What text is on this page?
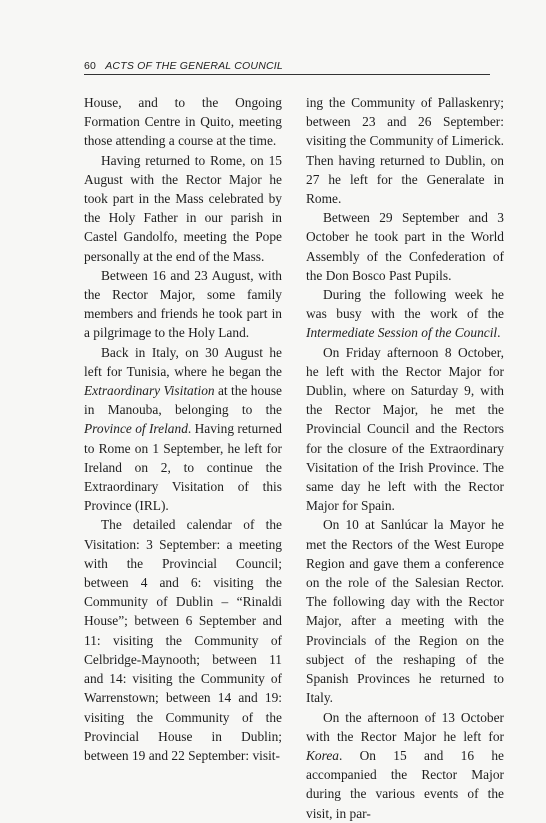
60 ACTS OF THE GENERAL COUNCIL

House, and to the Ongoing Formation Centre in Quito, meeting those attending a course at the time.

Having returned to Rome, on 15 August with the Rector Major he took part in the Mass celebrated by the Holy Father in our parish in Castel Gandolfo, meeting the Pope personally at the end of the Mass.

Between 16 and 23 August, with the Rector Major, some family members and friends he took part in a pilgrimage to the Holy Land.

Back in Italy, on 30 August he left for Tunisia, where he began the Extraordinary Visitation at the house in Manouba, belonging to the Province of Ireland. Having returned to Rome on 1 September, he left for Ireland on 2, to continue the Extraordinary Visitation of this Province (IRL).

The detailed calendar of the Visitation: 3 September: a meeting with the Provincial Council; between 4 and 6: visiting the Community of Dublin – “Rinaldi House”; between 6 September and 11: visiting the Community of Celbridge-Maynooth; between 11 and 14: visiting the Community of Warrenstown; between 14 and 19: visiting the Community of the Provincial House in Dublin; between 19 and 22 September: visit-

ing the Community of Pallaskenry; between 23 and 26 September: visiting the Community of Limerick. Then having returned to Dublin, on 27 he left for the Generalate in Rome.

Between 29 September and 3 October he took part in the World Assembly of the Confederation of the Don Bosco Past Pupils.

During the following week he was busy with the work of the Intermediate Session of the Council.

On Friday afternoon 8 October, he left with the Rector Major for Dublin, where on Saturday 9, with the Rector Major, he met the Provincial Council and the Rectors for the closure of the Extraordinary Visitation of the Irish Province. The same day he left with the Rector Major for Spain.

On 10 at Sanlúcar la Mayor he met the Rectors of the West Europe Region and gave them a conference on the role of the Salesian Rector. The following day with the Rector Major, after a meeting with the Provincials of the Region on the subject of the reshaping of the Spanish Provinces he returned to Italy.

On the afternoon of 13 October with the Rector Major he left for Korea. On 15 and 16 he accompanied the Rector Major during the various events of the visit, in par-
